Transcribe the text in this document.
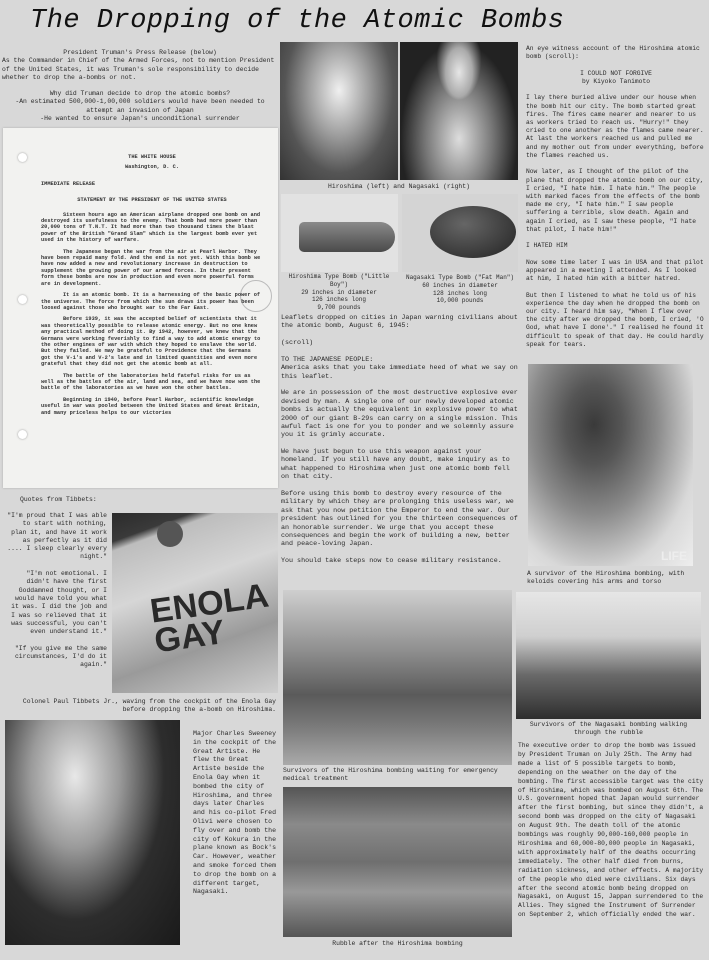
The Dropping of the Atomic Bombs
President Truman's Press Release (below)
As the Commander in Chief of the Armed Forces, not to mention President of the United States, it was Truman's sole responsibility to decide whether to drop the a-bombs or not.
Why did Truman decide to drop the atomic bombs?
-An estimated 500,000-1,00,000 soldiers would have been needed to attempt an invasion of Japan
-He wanted to ensure Japan's unconditional surrender
THE WHITE HOUSE
Washington, D. C.
IMMEDIATE RELEASE
STATEMENT BY THE PRESIDENT OF THE UNITED STATES

Sixteen hours ago an American airplane dropped one bomb on and destroyed its usefulness to the enemy. That bomb had more power than 20,000 tons of T.N.T. It had more than two thousand times the blast power of the British "Grand Slam" which is the largest bomb ever yet used in the history of warfare.

The Japanese began the war from the air at Pearl Harbor. They have been repaid many fold. And the end is not yet. With this bomb we have now added a new and revolutionary increase in destruction to supplement the growing power of our armed forces. In their present form these bombs are now in production and even more powerful forms are in development.

It is an atomic bomb. It is a harnessing of the basic power of the universe. The force from which the sun draws its power has been loosed against those who brought war to the Far East.

Before 1939, it was the accepted belief of scientists that it was theoretically possible to release atomic energy. But no one knew any practical method of doing it. By 1942, however, we knew that the Germans were working feverishly to find a way to add atomic energy to the other engines of war with which they hoped to enslave the world. But they failed. We may be grateful to Providence that the Germans got the V-1's and V-2's late and in limited quantities and even more grateful that they did not get the atomic bomb at all.

The battle of the laboratories held fateful risks for us as well as the battles of the air, land and sea, and we have now won the battle of the laboratories as we have won the other battles.

Beginning in 1940, before Pearl Harbor, scientific knowledge useful in war was pooled between the United States and Great Britain, and many priceless helps to our victories

Quotes from Tibbets:

"I'm proud that I was able to start with nothing, plan it, and have it work as perfectly as it did .... I sleep clearly every night."

"I'm not emotional. I didn't have the first Goddamned thought, or I would have told you what it was. I did the job and I was so relieved that it was successful, you can't even understand it."

"If you give me the same circumstances, I'd do it again."

ENOLA GAY
Colonel Paul Tibbets Jr., waving from the cockpit of the Enola Gay before dropping the a-bomb on Hiroshima.
Major Charles Sweeney in the cockpit of the Great Artiste. He flew the Great Artiste beside the Enola Gay when it bombed the city of Hiroshima, and three days later Charles and his co-pilot Fred Olivi were chosen to fly over and bomb the city of Kokura in the plane known as Bock's Car. However, weather and smoke forced them to drop the bomb on a different target, Nagasaki.
Hiroshima (left) and Nagasaki (right)
Hiroshima Type Bomb ("Little Boy")
29 inches in diameter
126 inches long
9,700 pounds
Nagasaki Type Bomb ("Fat Man")
60 inches in diameter
128 inches long
10,000 pounds

Leaflets dropped on cities in Japan warning civilians about the atomic bomb, August 6, 1945:

(scroll)

TO THE JAPANESE PEOPLE:

America asks that you take immediate heed of what we say on this leaflet.

We are in possession of the most destructive explosive ever devised by man. A single one of our newly developed atomic bombs is actually the equivalent in explosive power to what 2000 of our giant B-29s can carry on a single mission. This awful fact is one for you to ponder and we solemnly assure you it is grimly accurate.

We have just begun to use this weapon against your homeland. If you still have any doubt, make inquiry as to what happened to Hiroshima when just one atomic bomb fell on that city.

Before using this bomb to destroy every resource of the military by which they are prolonging this useless war, we ask that you now petition the Emperor to end the war. Our president has outlined for you the thirteen consequences of an honorable surrender. We urge that you accept these consequences and begin the work of building a new, better and peace-loving Japan.

You should take steps now to cease military resistance.

Survivors of the Hiroshima bombing waiting for emergency medical treatment
Rubble after the Hiroshima bombing

An eye witness account of the Hiroshima atomic bomb (scroll):

I COULD NOT FORGIVE

by Kiyoko Tanimoto

I lay there buried alive under our house when the bomb hit our city. The bomb started great fires. The fires came nearer and nearer to us as workers tried to reach us. "Hurry!" they cried to one another as the flames came nearer. At last the workers reached us and pulled me and my mother out from under everything, before the flames reached us.

Now later, as I thought of the pilot of the plane that dropped the atomic bomb on our city, I cried, "I hate him. I hate him." The people with marked faces from the effects of the bomb made me cry, "I hate him." I saw people suffering a terrible, slow death. Again and again I cried, as I saw these people, "I hate that pilot, I hate him!"

I HATED HIM

Now some time later I was in USA and that pilot appeared in a meeting I attended. As I looked at him, I hated him with a bitter hatred.

But then I listened to what he told us of his experience the day when he dropped the bomb on our city. I heard him say, "When I flew over the city after we dropped the bomb, I cried, 'O God, what have I done'." I realised he found it difficult to speak of that day. He could hardly speak for tears.

LIFE
A survivor of the Hiroshima bombing, with keloids covering his arms and torso
Survivors of the Nagasaki bombing walking through the rubble
The executive order to drop the bomb was issued by President Truman on July 25th. The Army had made a list of 5 possible targets to bomb, depending on the weather on the day of the bombing. The first accessible target was the city of Hiroshima, which was bombed on August 6th. The U.S. government hoped that Japan would surrender after the first bombing, but since they didn't, a second bomb was dropped on the city of Nagasaki on August 9th. The death toll of the atomic bombings was roughly 90,000-160,000 people in Hiroshima and 60,000-80,000 people in Nagasaki, with approximately half of the deaths occurring immediately. The other half died from burns, radiation sickness, and other effects. A majority of the people who died were civilians. Six days after the second atomic bomb being dropped on Nagasaki, on August 15, Jappan surrendered to the Allies. They signed the Instrument of Surrender on September 2, which officially ended the war.
